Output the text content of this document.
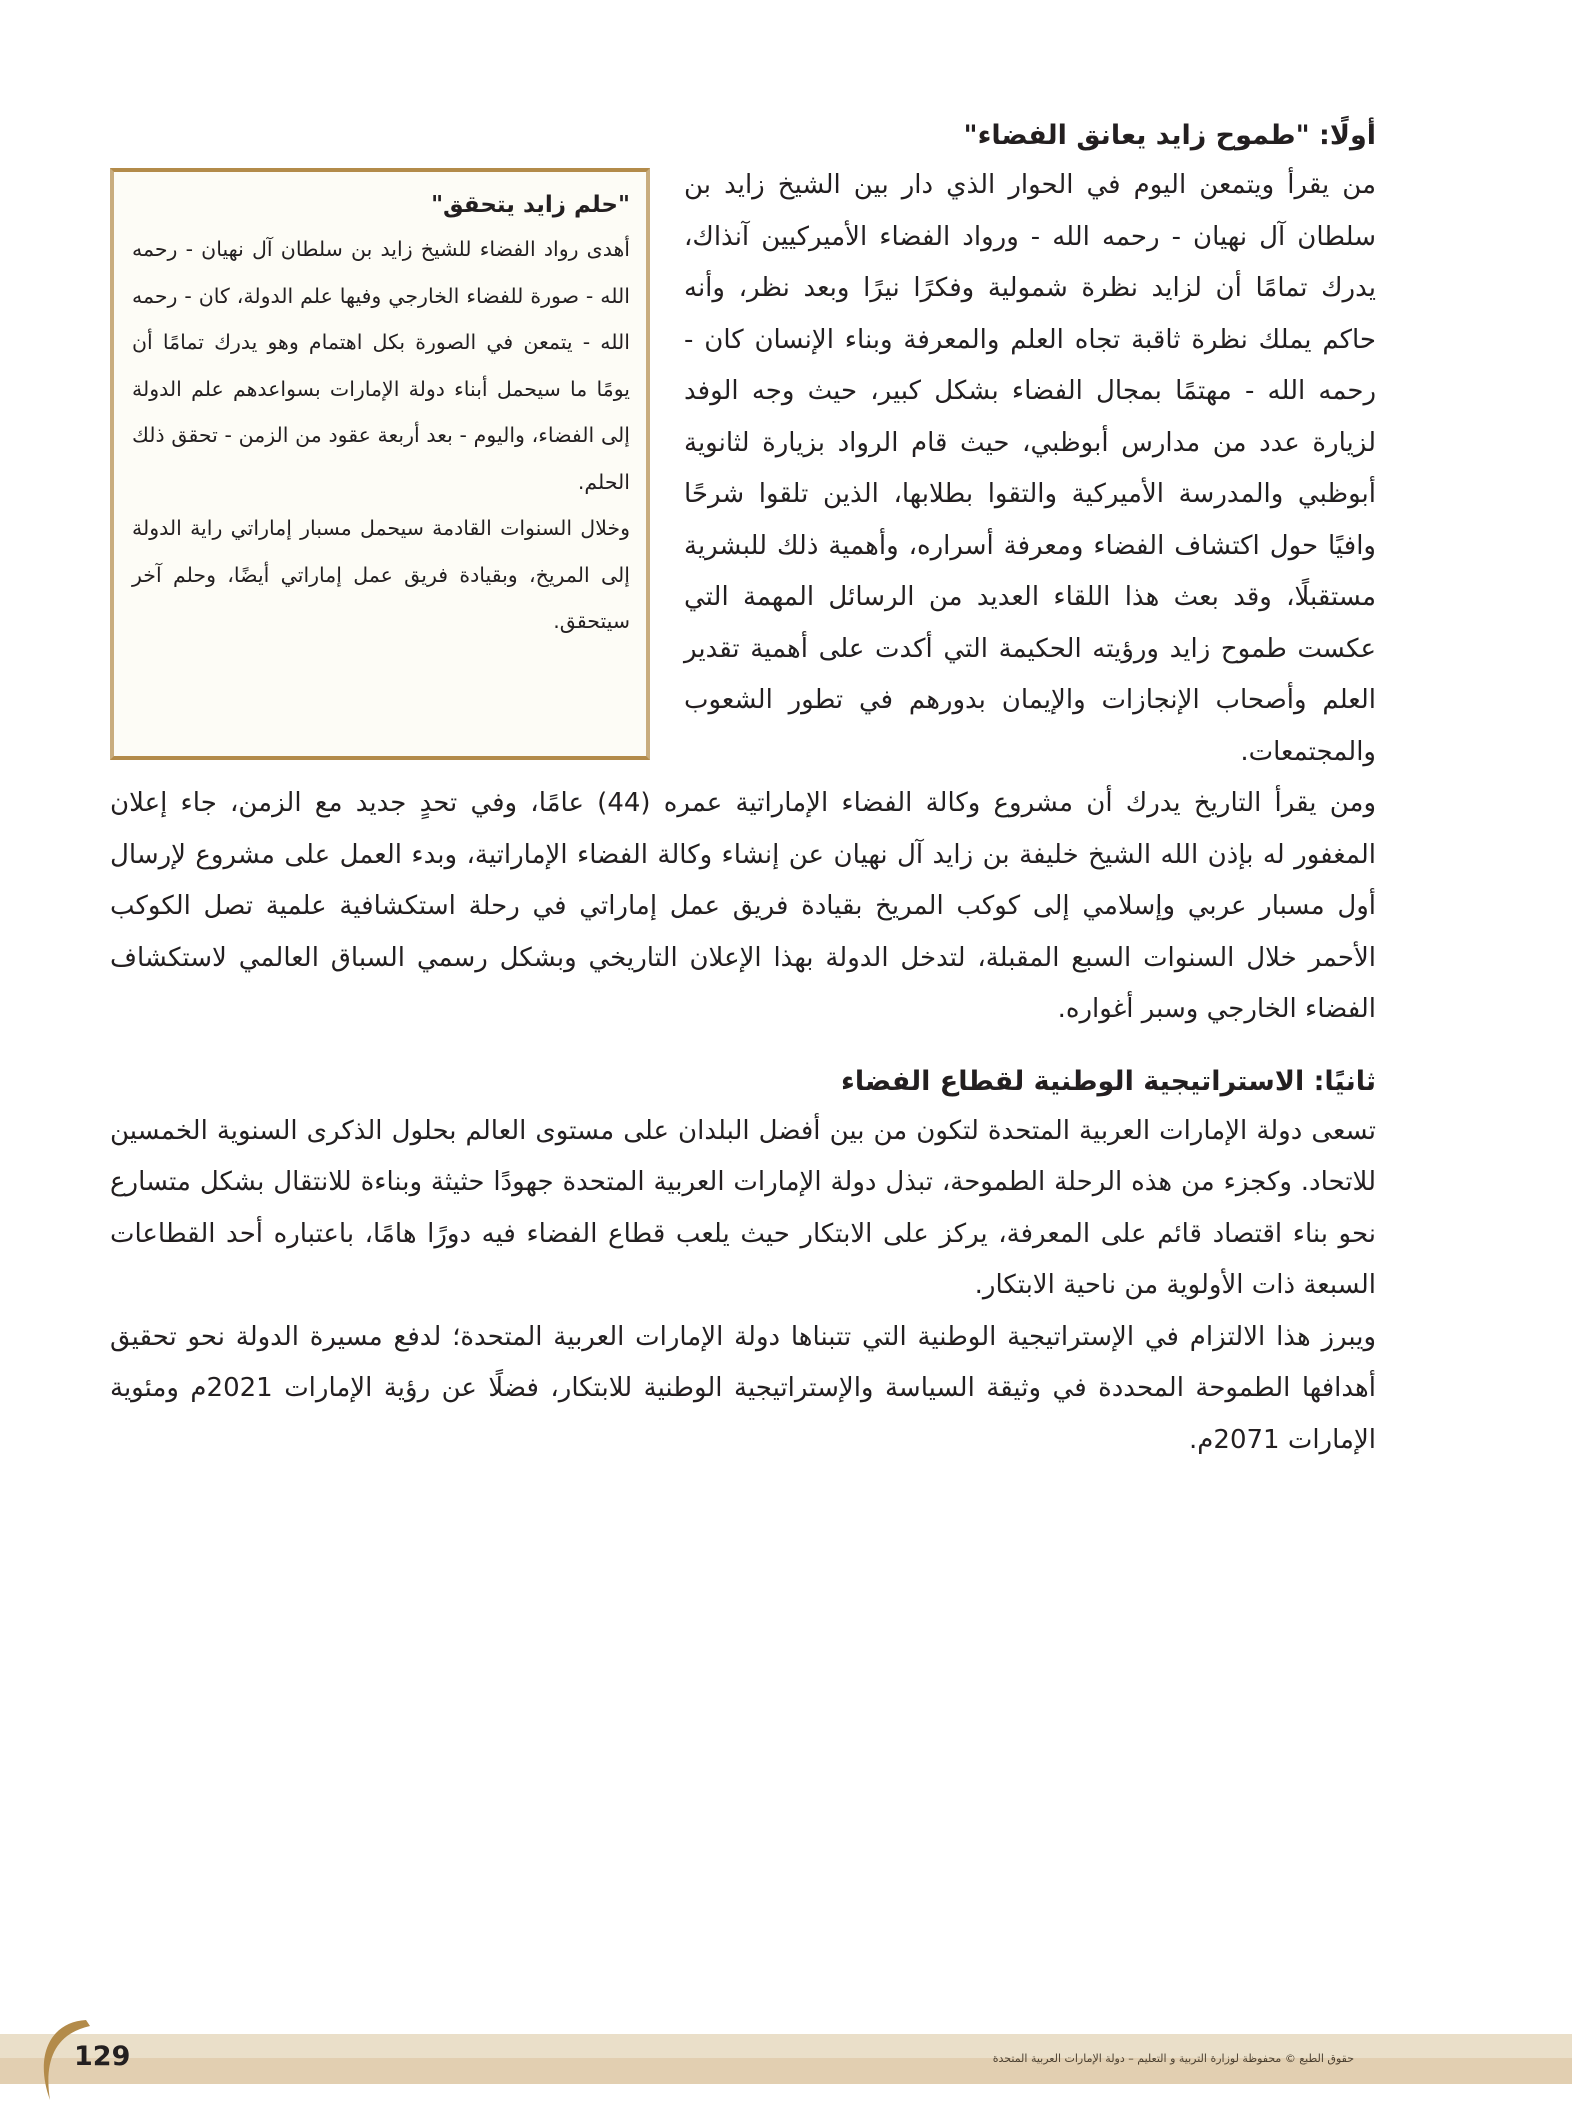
أولًا: "طموح زايد يعانق الفضاء"
"حلم زايد يتحقق"

أهدى رواد الفضاء للشيخ زايد بن سلطان آل نهيان - رحمه الله - صورة للفضاء الخارجي وفيها علم الدولة، كان - رحمه الله - يتمعن في الصورة بكل اهتمام وهو يدرك تمامًا أن يومًا ما سيحمل أبناء دولة الإمارات بسواعدهم علم الدولة إلى الفضاء، واليوم - بعد أربعة عقود من الزمن - تحقق ذلك الحلم.

وخلال السنوات القادمة سيحمل مسبار إماراتي راية الدولة إلى المريخ، وبقيادة فريق عمل إماراتي أيضًا، وحلم آخر سيتحقق.

من يقرأ ويتمعن اليوم في الحوار الذي دار بين الشيخ زايد بن سلطان آل نهيان - رحمه الله - ورواد الفضاء الأميركيين آنذاك، يدرك تمامًا أن لزايد نظرة شمولية وفكرًا نيرًا وبعد نظر، وأنه حاكم يملك نظرة ثاقبة تجاه العلم والمعرفة وبناء الإنسان كان - رحمه الله - مهتمًا بمجال الفضاء بشكل كبير، حيث وجه الوفد لزيارة عدد من مدارس أبوظبي، حيث قام الرواد بزيارة لثانوية أبوظبي والمدرسة الأميركية والتقوا بطلابها، الذين تلقوا شرحًا وافيًا حول اكتشاف الفضاء ومعرفة أسراره، وأهمية ذلك للبشرية مستقبلًا، وقد بعث هذا اللقاء العديد من الرسائل المهمة التي عكست طموح زايد ورؤيته الحكيمة التي أكدت على أهمية تقدير العلم وأصحاب الإنجازات والإيمان بدورهم في تطور الشعوب والمجتمعات.

ومن يقرأ التاريخ يدرك أن مشروع وكالة الفضاء الإماراتية عمره (44) عامًا، وفي تحدٍ جديد مع الزمن، جاء إعلان المغفور له بإذن الله الشيخ خليفة بن زايد آل نهيان عن إنشاء وكالة الفضاء الإماراتية، وبدء العمل على مشروع لإرسال أول مسبار عربي وإسلامي إلى كوكب المريخ بقيادة فريق عمل إماراتي في رحلة استكشافية علمية تصل الكوكب الأحمر خلال السنوات السبع المقبلة، لتدخل الدولة بهذا الإعلان التاريخي وبشكل رسمي السباق العالمي لاستكشاف الفضاء الخارجي وسبر أغواره.

ثانيًا: الاستراتيجية الوطنية لقطاع الفضاء

تسعى دولة الإمارات العربية المتحدة لتكون من بين أفضل البلدان على مستوى العالم بحلول الذكرى السنوية الخمسين للاتحاد. وكجزء من هذه الرحلة الطموحة، تبذل دولة الإمارات العربية المتحدة جهودًا حثيثة وبناءة للانتقال بشكل متسارع نحو بناء اقتصاد قائم على المعرفة، يركز على الابتكار حيث يلعب قطاع الفضاء فيه دورًا هامًا، باعتباره أحد القطاعات السبعة ذات الأولوية من ناحية الابتكار.

ويبرز هذا الالتزام في الإستراتيجية الوطنية التي تتبناها دولة الإمارات العربية المتحدة؛ لدفع مسيرة الدولة نحو تحقيق أهدافها الطموحة المحددة في وثيقة السياسة والإستراتيجية الوطنية للابتكار، فضلًا عن رؤية الإمارات 2021م ومئوية الإمارات 2071م.

129	حقوق الطبع © محفوظة لوزارة التربية و التعليم – دولة الإمارات العربية المتحدة
